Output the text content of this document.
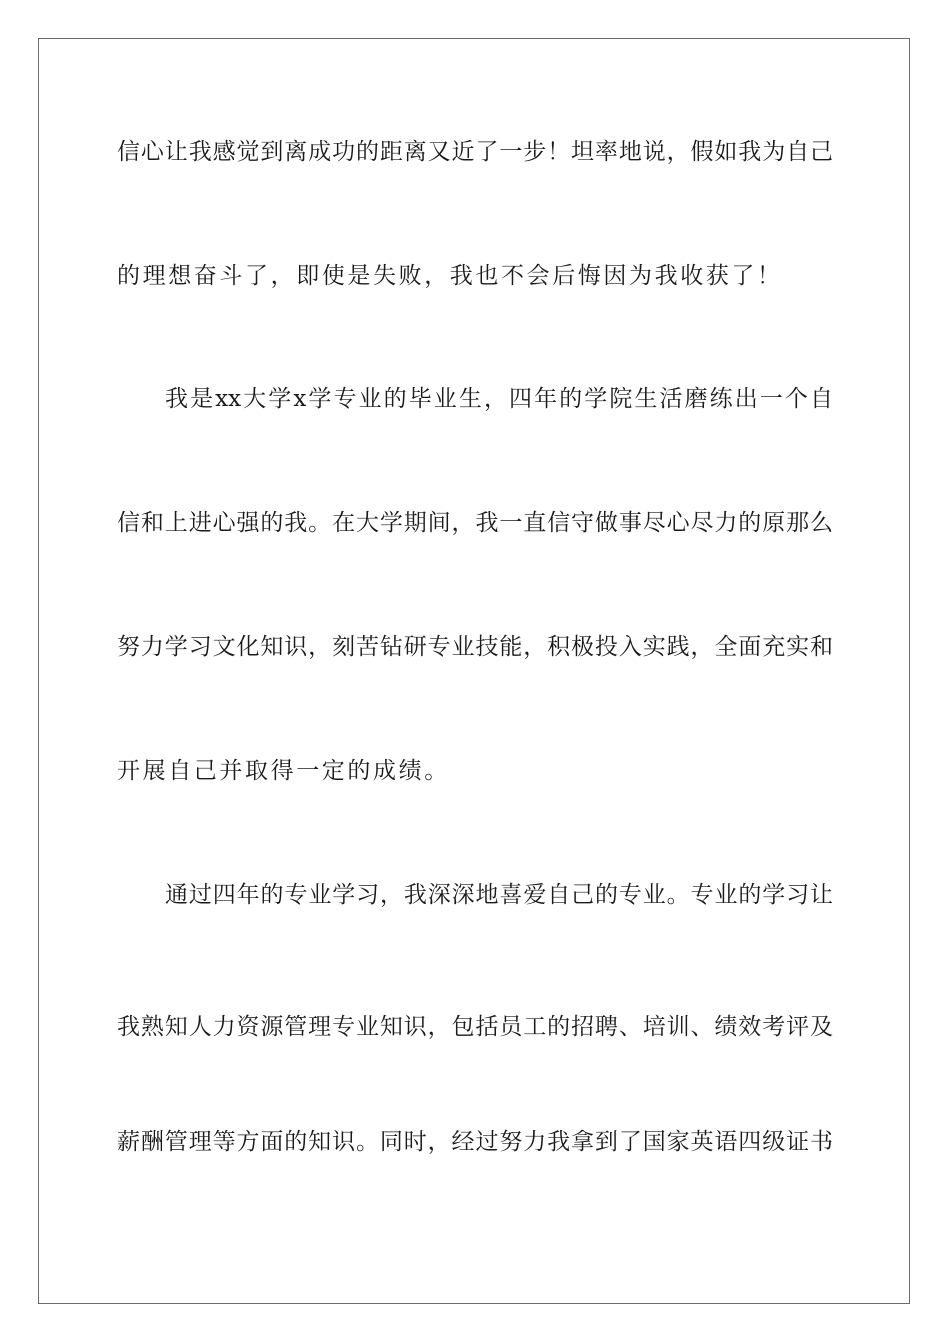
信心让我感觉到离成功的距离又近了一步！坦率地说，假如我为自己
的理想奋斗了，即使是失败，我也不会后悔因为我收获了！
我是xx大学x学专业的毕业生，四年的学院生活磨练出一个自
信和上进心强的我。在大学期间，我一直信守做事尽心尽力的原那么
努力学习文化知识，刻苦钻研专业技能，积极投入实践，全面充实和
开展自己并取得一定的成绩。
通过四年的专业学习，我深深地喜爱自己的专业。专业的学习让
我熟知人力资源管理专业知识，包括员工的招聘、培训、绩效考评及
薪酬管理等方面的知识。同时，经过努力我拿到了国家英语四级证书
